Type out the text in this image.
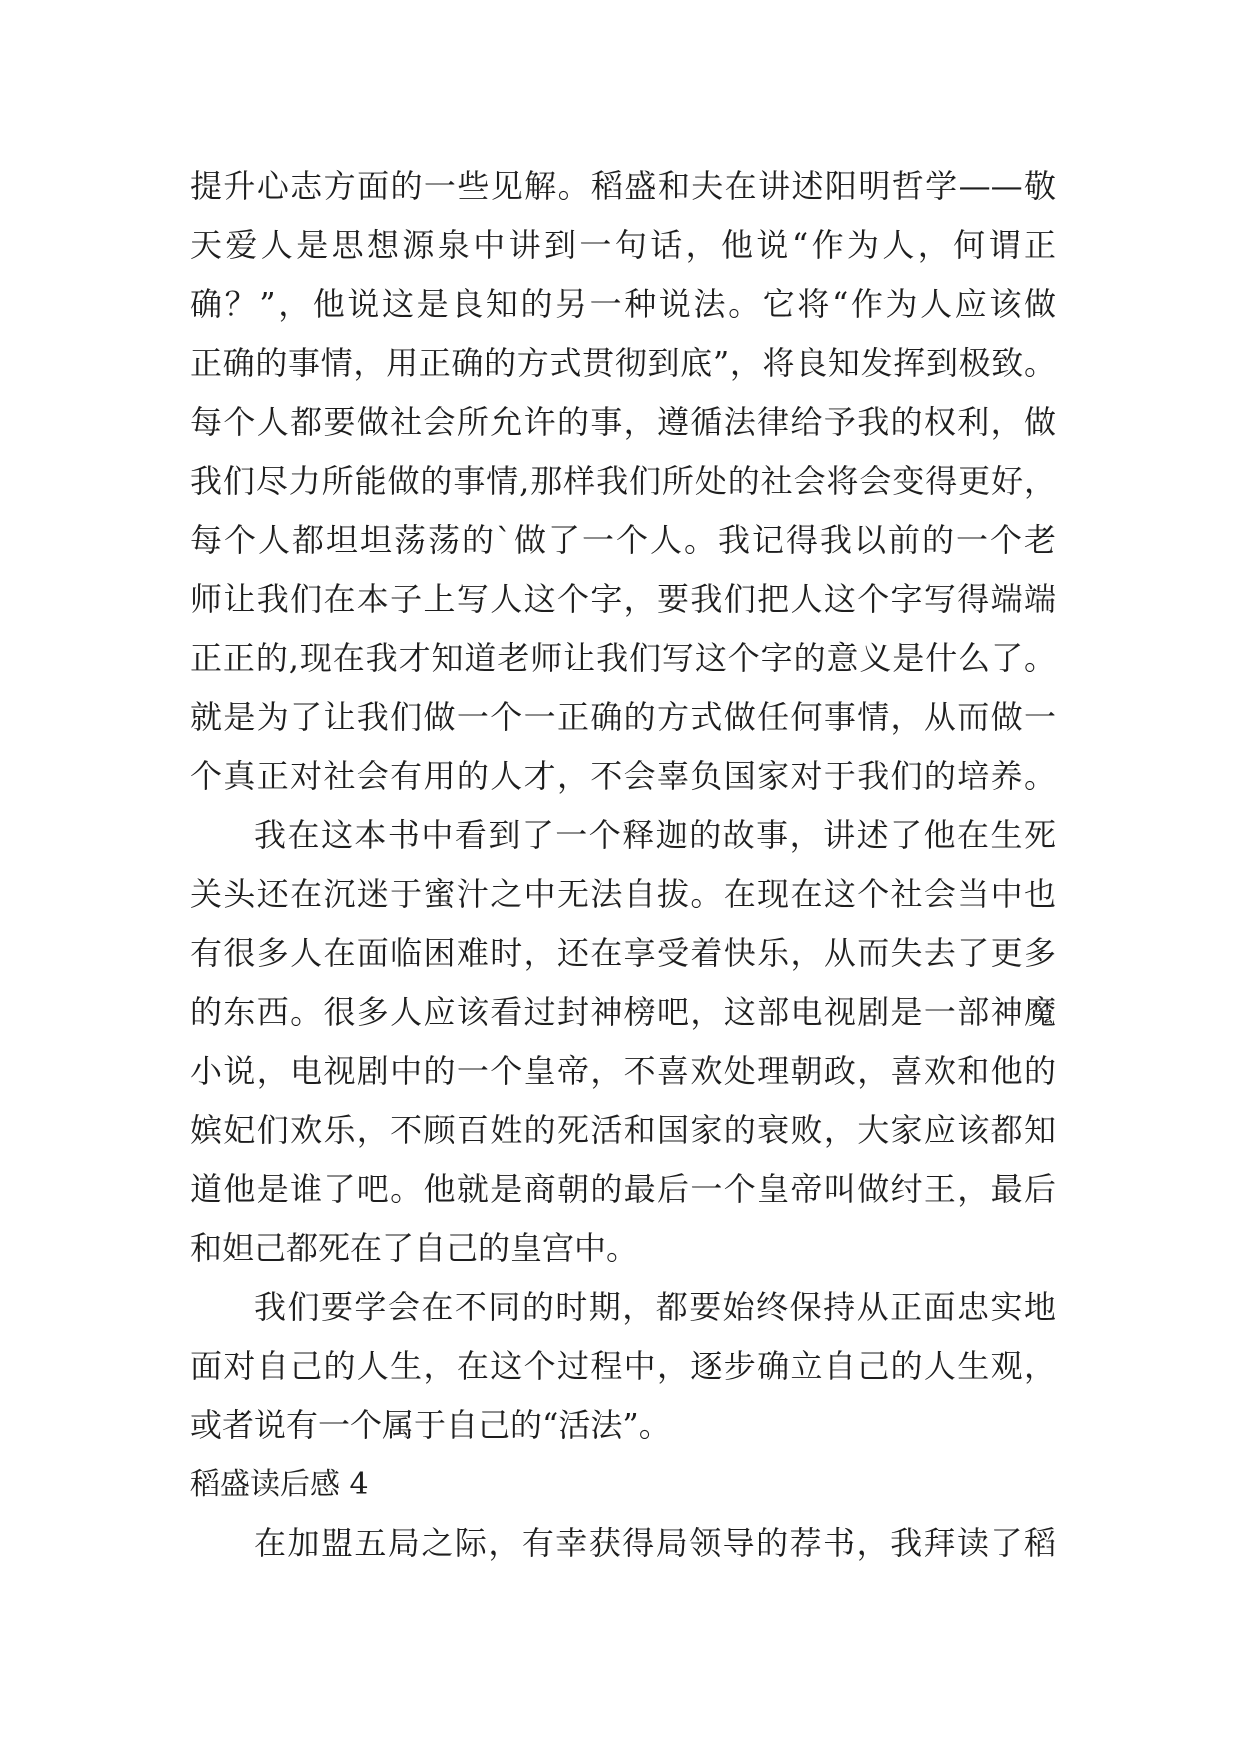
提升心志方面的一些见解。稻盛和夫在讲述阳明哲学——敬
天爱人是思想源泉中讲到一句话，他说“作为人，何谓正
确？”，他说这是良知的另一种说法。它将“作为人应该做
正确的事情，用正确的方式贯彻到底”，将良知发挥到极致。
每个人都要做社会所允许的事，遵循法律给予我的权利，做
我们尽力所能做的事情,那样我们所处的社会将会变得更好，
每个人都坦坦荡荡的`做了一个人。我记得我以前的一个老
师让我们在本子上写人这个字，要我们把人这个字写得端端
正正的,现在我才知道老师让我们写这个字的意义是什么了。
就是为了让我们做一个一正确的方式做任何事情，从而做一
个真正对社会有用的人才，不会辜负国家对于我们的培养。
我在这本书中看到了一个释迦的故事，讲述了他在生死
关头还在沉迷于蜜汁之中无法自拔。在现在这个社会当中也
有很多人在面临困难时，还在享受着快乐，从而失去了更多
的东西。很多人应该看过封神榜吧，这部电视剧是一部神魔
小说，电视剧中的一个皇帝，不喜欢处理朝政，喜欢和他的
嫔妃们欢乐，不顾百姓的死活和国家的衰败，大家应该都知
道他是谁了吧。他就是商朝的最后一个皇帝叫做纣王，最后
和妲己都死在了自己的皇宫中。
我们要学会在不同的时期，都要始终保持从正面忠实地
面对自己的人生，在这个过程中，逐步确立自己的人生观，
或者说有一个属于自己的“活法”。
稻盛读后感 4
在加盟五局之际，有幸获得局领导的荐书，我拜读了稻
